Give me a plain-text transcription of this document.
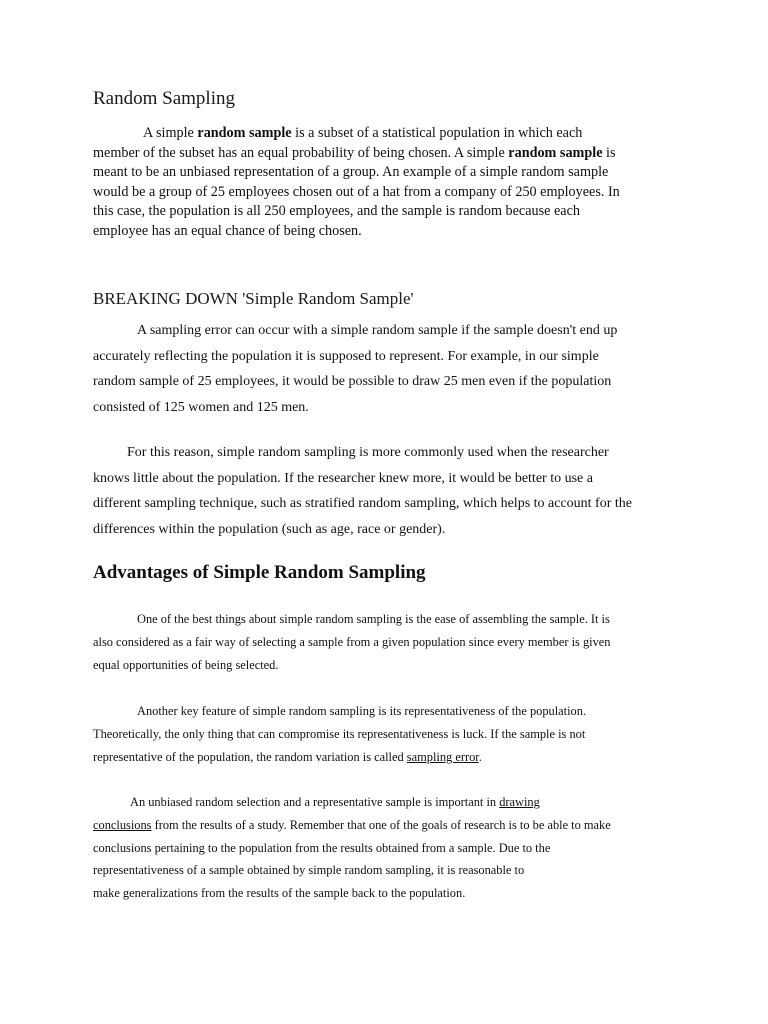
Random Sampling

A simple random sample is a subset of a statistical population in which each

member of the subset has an equal probability of being chosen. A simple random sample is

meant to be an unbiased representation of a group. An example of a simple random sample

would be a group of 25 employees chosen out of a hat from a company of 250 employees. In

this case, the population is all 250 employees, and the sample is random because each

employee has an equal chance of being chosen.

BREAKING DOWN 'Simple Random Sample'

A sampling error can occur with a simple random sample if the sample doesn't end up

accurately reflecting the population it is supposed to represent. For example, in our simple

random sample of 25 employees, it would be possible to draw 25 men even if the population

consisted of 125 women and 125 men.

For this reason, simple random sampling is more commonly used when the researcher

knows little about the population. If the researcher knew more, it would be better to use a

different sampling technique, such as stratified random sampling, which helps to account for the

differences within the population (such as age, race or gender).

Advantages of Simple Random Sampling

One of the best things about simple random sampling is the ease of assembling the sample. It is

also considered as a fair way of selecting a sample from a given population since every member is given

equal opportunities of being selected.

Another key feature of simple random sampling is its representativeness of the population.

Theoretically, the only thing that can compromise its representativeness is luck. If the sample is not

representative of the population, the random variation is called sampling error.

An unbiased random selection and a representative sample is important in drawing

conclusions from the results of a study. Remember that one of the goals of research is to be able to make

conclusions pertaining to the population from the results obtained from a sample. Due to the

representativeness of a sample obtained by simple random sampling, it is reasonable to

make generalizations from the results of the sample back to the population.
